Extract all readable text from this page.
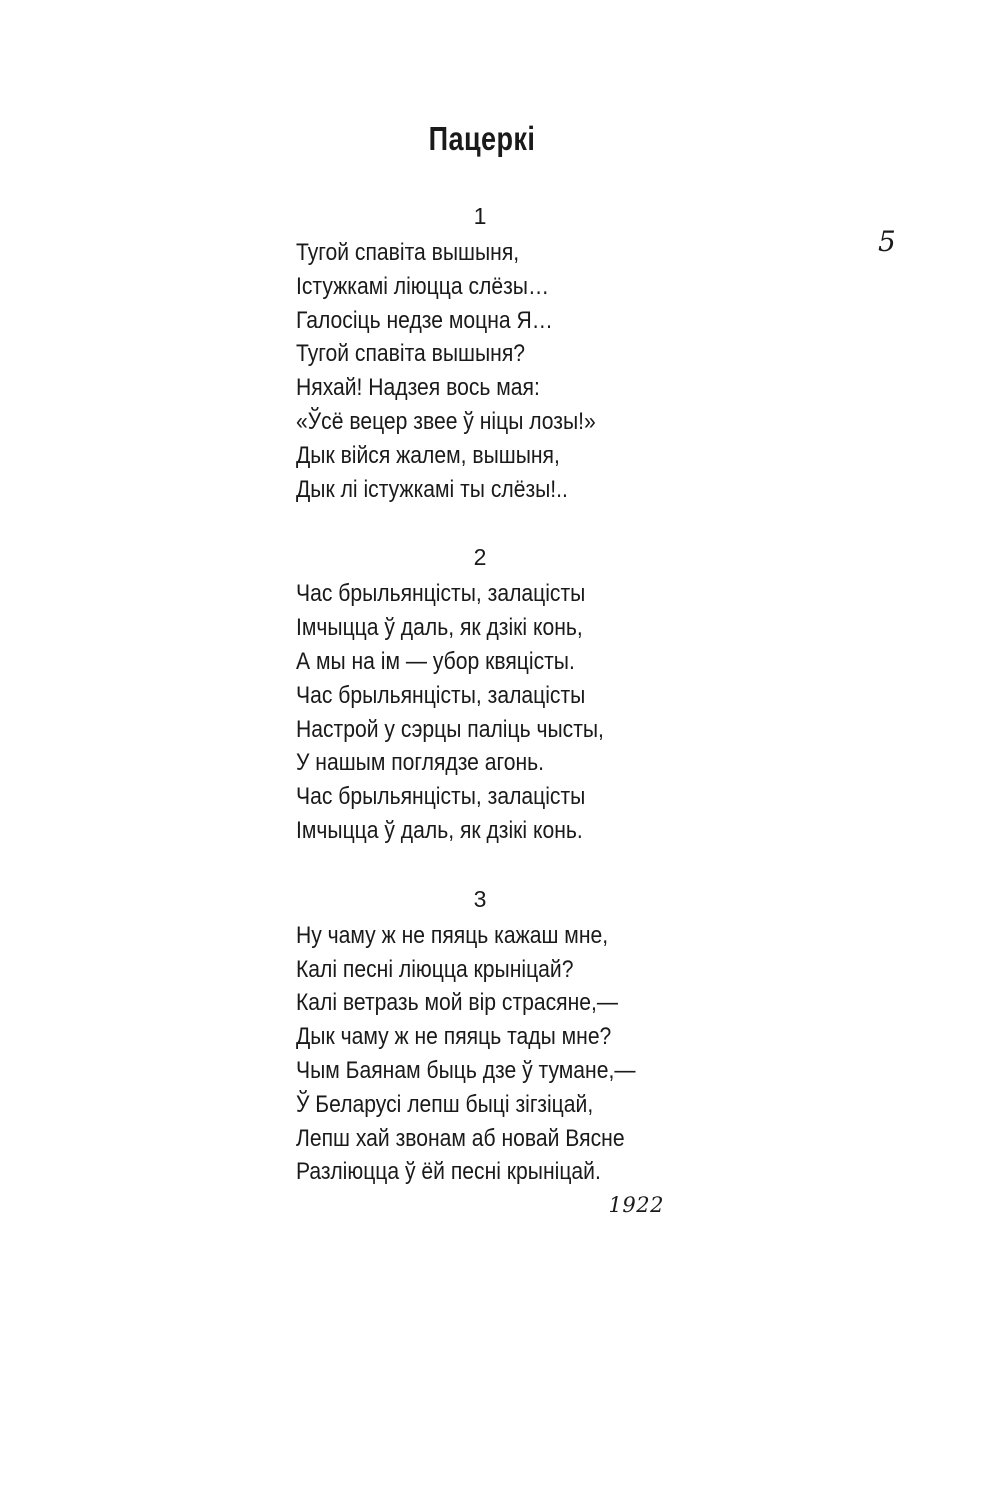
5
Пацеркі
1
Тугой спавіта вышыня,
Істужкамі ліюцца слёзы…
Галосіць недзе моцна Я…
Тугой спавіта вышыня?
Няхай! Надзея вось мая:
«Ўсё вецер звее ў ніцы лозы!»
Дык війся жалем, вышыня,
Дык лі істужкамі ты слёзы!..
2
Час брыльянцісты, залацісты
Імчыцца ў даль, як дзікі конь,
А мы на ім — убор квяцісты.
Час брыльянцісты, залацісты
Настрой у сэрцы паліць чысты,
У нашым поглядзе агонь.
Час брыльянцісты, залацісты
Імчыцца ў даль, як дзікі конь.
3
Ну чаму ж не пяяць кажаш мне,
Калі песні ліюцца крыніцай?
Калі ветразь мой вір страсяне,—
Дык чаму ж не пяяць тады мне?
Чым Баянам быць дзе ў тумане,—
Ў Беларусі лепш быці зігзіцай,
Лепш хай звонам аб новай Вясне
Разліюцца ў ёй песні крыніцай.
1922
